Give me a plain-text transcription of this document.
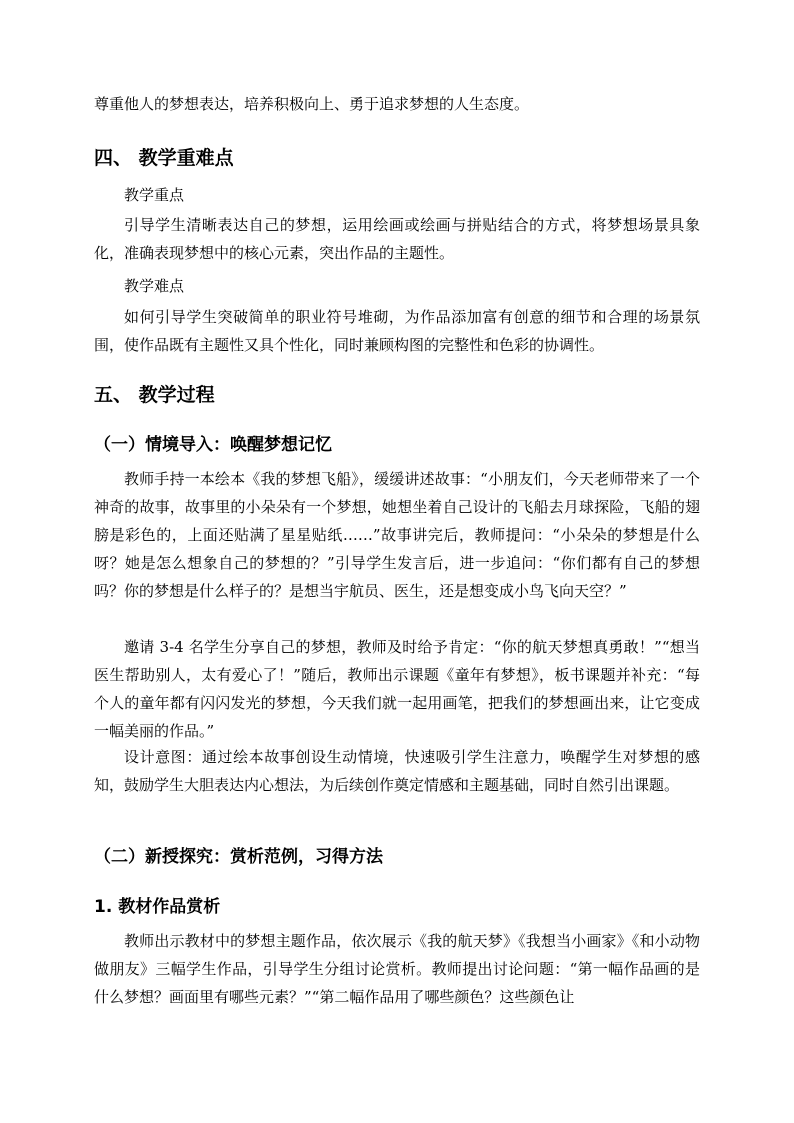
尊重他人的梦想表达，培养积极向上、勇于追求梦想的人生态度。

四、 教学重难点

教学重点

引导学生清晰表达自己的梦想，运用绘画或绘画与拼贴结合的方式，将梦想场景具象化，准确表现梦想中的核心元素，突出作品的主题性。

教学难点

如何引导学生突破简单的职业符号堆砌，为作品添加富有创意的细节和合理的场景氛围，使作品既有主题性又具个性化，同时兼顾构图的完整性和色彩的协调性。

五、 教学过程
（一）情境导入：唤醒梦想记忆

教师手持一本绘本《我的梦想飞船》，缓缓讲述故事：“小朋友们，今天老师带来了一个神奇的故事，故事里的小朵朵有一个梦想，她想坐着自己设计的飞船去月球探险，飞船的翅膀是彩色的，上面还贴满了星星贴纸……”故事讲完后，教师提问：“小朵朵的梦想是什么呀？她是怎么想象自己的梦想的？”引导学生发言后，进一步追问：“你们都有自己的梦想吗？你的梦想是什么样子的？是想当宇航员、医生，还是想变成小鸟飞向天空？”

邀请 3-4 名学生分享自己的梦想，教师及时给予肯定：“你的航天梦想真勇敢！”“想当医生帮助别人，太有爱心了！”随后，教师出示课题《童年有梦想》，板书课题并补充：“每个人的童年都有闪闪发光的梦想，今天我们就一起用画笔，把我们的梦想画出来，让它变成一幅美丽的作品。”

设计意图：通过绘本故事创设生动情境，快速吸引学生注意力，唤醒学生对梦想的感知，鼓励学生大胆表达内心想法，为后续创作奠定情感和主题基础，同时自然引出课题。

（二）新授探究：赏析范例，习得方法
1. 教材作品赏析

教师出示教材中的梦想主题作品，依次展示《我的航天梦》《我想当小画家》《和小动物做朋友》三幅学生作品，引导学生分组讨论赏析。教师提出讨论问题：“第一幅作品画的是什么梦想？画面里有哪些元素？”“第二幅作品用了哪些颜色？这些颜色让
